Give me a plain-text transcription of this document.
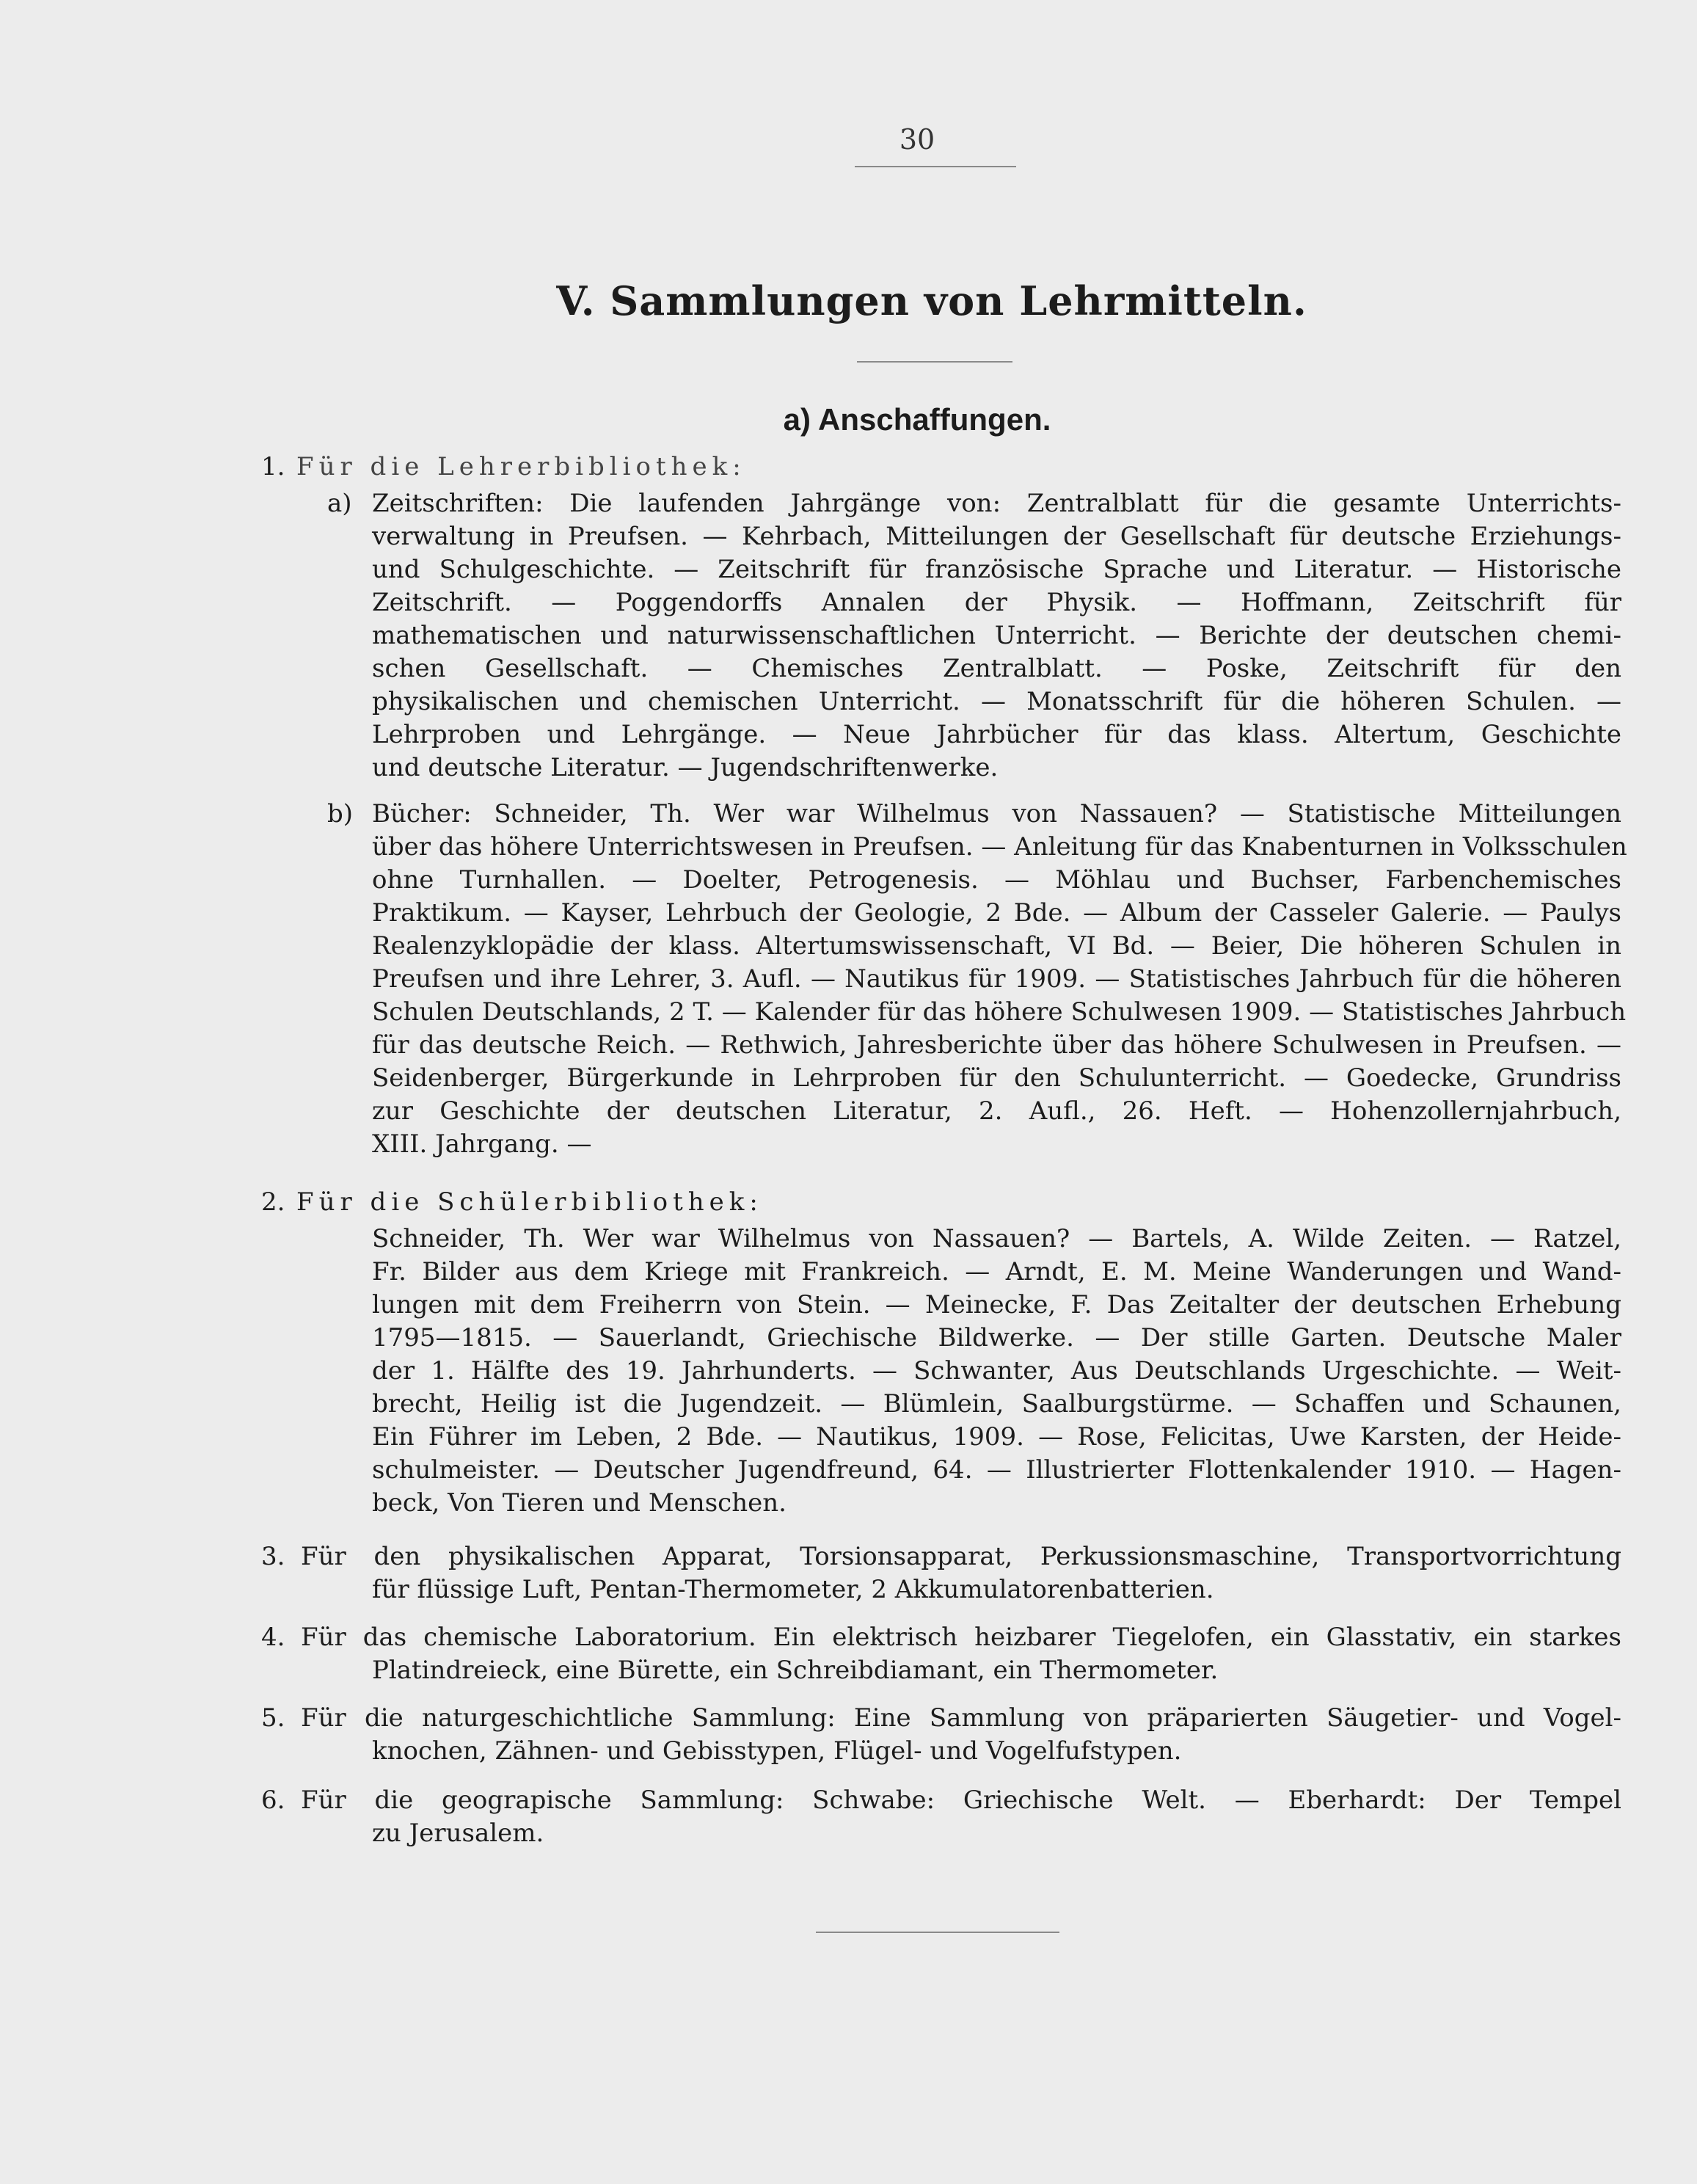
30
V. Sammlungen von Lehrmitteln.
a) Anschaffungen.
1. Für die Lehrerbibliothek:
a) Zeitschriften: Die laufenden Jahrgänge von: Zentralblatt für die gesamte Unterrichts-
verwaltung in Preufsen. — Kehrbach, Mitteilungen der Gesellschaft für deutsche Erziehungs-
und Schulgeschichte. — Zeitschrift für französische Sprache und Literatur. — Historische
Zeitschrift. — Poggendorffs Annalen der Physik. — Hoffmann, Zeitschrift für
mathematischen und naturwissenschaftlichen Unterricht. — Berichte der deutschen chemi-
schen Gesellschaft. — Chemisches Zentralblatt. — Poske, Zeitschrift für den
physikalischen und chemischen Unterricht. — Monatsschrift für die höheren Schulen. —
Lehrproben und Lehrgänge. — Neue Jahrbücher für das klass. Altertum, Geschichte
und deutsche Literatur. — Jugendschriftenwerke.
b) Bücher: Schneider, Th. Wer war Wilhelmus von Nassauen? — Statistische Mitteilungen
über das höhere Unterrichtswesen in Preufsen. — Anleitung für das Knabenturnen in Volksschulen
ohne Turnhallen. — Doelter, Petrogenesis. — Möhlau und Buchser, Farbenchemisches
Praktikum. — Kayser, Lehrbuch der Geologie, 2 Bde. — Album der Casseler Galerie. — Paulys
Realenzyklopädie der klass. Altertumswissenschaft, VI Bd. — Beier, Die höheren Schulen in
Preufsen und ihre Lehrer, 3. Aufl. — Nautikus für 1909. — Statistisches Jahrbuch für die höheren
Schulen Deutschlands, 2 T. — Kalender für das höhere Schulwesen 1909. — Statistisches Jahrbuch
für das deutsche Reich. — Rethwich, Jahresberichte über das höhere Schulwesen in Preufsen. —
Seidenberger, Bürgerkunde in Lehrproben für den Schulunterricht. — Goedecke, Grundriss
zur Geschichte der deutschen Literatur, 2. Aufl., 26. Heft. — Hohenzollernjahrbuch,
XIII. Jahrgang. —
2. Für die Schülerbibliothek:
Schneider, Th. Wer war Wilhelmus von Nassauen? — Bartels, A. Wilde Zeiten. — Ratzel,
Fr. Bilder aus dem Kriege mit Frankreich. — Arndt, E. M. Meine Wanderungen und Wand-
lungen mit dem Freiherrn von Stein. — Meinecke, F. Das Zeitalter der deutschen Erhebung
1795—1815. — Sauerlandt, Griechische Bildwerke. — Der stille Garten. Deutsche Maler
der 1. Hälfte des 19. Jahrhunderts. — Schwanter, Aus Deutschlands Urgeschichte. — Weit-
brecht, Heilig ist die Jugendzeit. — Blümlein, Saalburgstürme. — Schaffen und Schaunen,
Ein Führer im Leben, 2 Bde. — Nautikus, 1909. — Rose, Felicitas, Uwe Karsten, der Heide-
schulmeister. — Deutscher Jugendfreund, 64. — Illustrierter Flottenkalender 1910. — Hagen-
beck, Von Tieren und Menschen.
3. Für den physikalischen Apparat, Torsionsapparat, Perkussionsmaschine, Transportvorrichtung
für flüssige Luft, Pentan-Thermometer, 2 Akkumulatorenbatterien.
4. Für das chemische Laboratorium. Ein elektrisch heizbarer Tiegelofen, ein Glasstativ, ein starkes
Platindreieck, eine Bürette, ein Schreibdiamant, ein Thermometer.
5. Für die naturgeschichtliche Sammlung: Eine Sammlung von präparierten Säugetier- und Vogel-
knochen, Zähnen- und Gebisstypen, Flügel- und Vogelfufstypen.
6. Für die geograpische Sammlung: Schwabe: Griechische Welt. — Eberhardt: Der Tempel
zu Jerusalem.
